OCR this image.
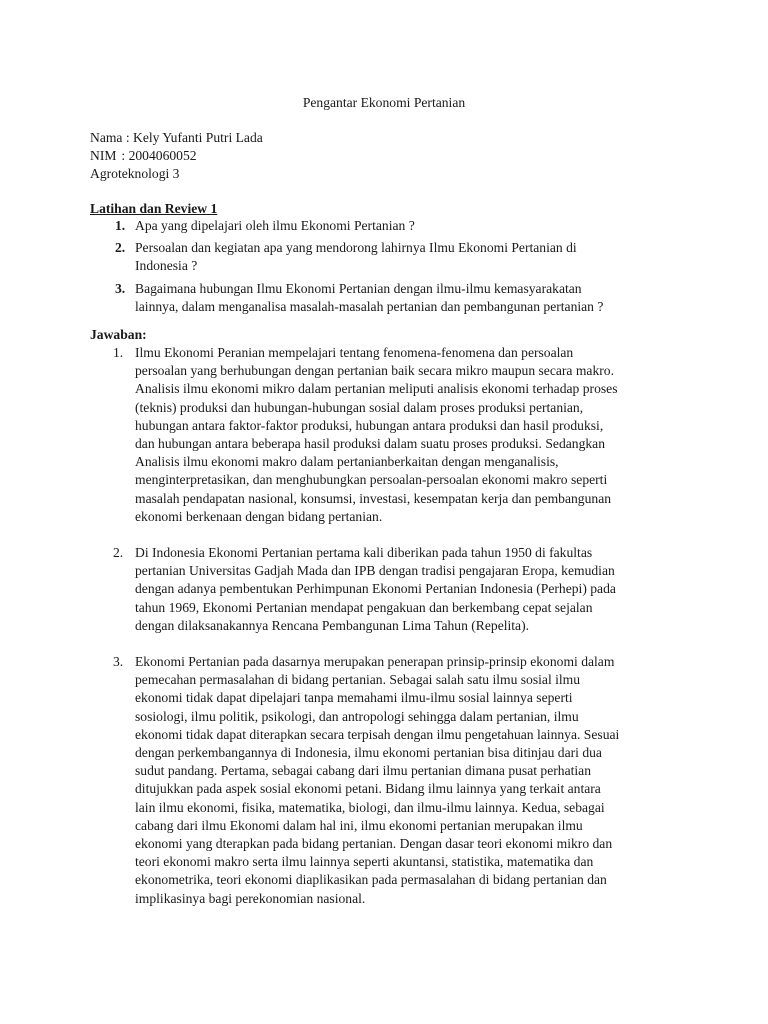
Pengantar Ekonomi Pertanian
Nama : Kely Yufanti Putri Lada
NIM : 2004060052
Agroteknologi 3
Latihan dan Review 1
1. Apa yang dipelajari oleh ilmu Ekonomi Pertanian ?
2. Persoalan dan kegiatan apa yang mendorong lahirnya Ilmu Ekonomi Pertanian di
Indonesia ?
3. Bagaimana hubungan Ilmu Ekonomi Pertanian dengan ilmu-ilmu kemasyarakatan
lainnya, dalam menganalisa masalah-masalah pertanian dan pembangunan pertanian ?
Jawaban:
1. Ilmu Ekonomi Peranian mempelajari tentang fenomena-fenomena dan persoalan
persoalan yang berhubungan dengan pertanian baik secara mikro maupun secara makro.
Analisis ilmu ekonomi mikro dalam pertanian meliputi analisis ekonomi terhadap proses
(teknis) produksi dan hubungan-hubungan sosial dalam proses produksi pertanian,
hubungan antara faktor-faktor produksi, hubungan antara produksi dan hasil produksi,
dan hubungan antara beberapa hasil produksi dalam suatu proses produksi. Sedangkan
Analisis ilmu ekonomi makro dalam pertanianberkaitan dengan menganalisis,
menginterpretasikan, dan menghubungkan persoalan-persoalan ekonomi makro seperti
masalah pendapatan nasional, konsumsi, investasi, kesempatan kerja dan pembangunan
ekonomi berkenaan dengan bidang pertanian.
2. Di Indonesia Ekonomi Pertanian pertama kali diberikan pada tahun 1950 di fakultas
pertanian Universitas Gadjah Mada dan IPB dengan tradisi pengajaran Eropa, kemudian
dengan adanya pembentukan Perhimpunan Ekonomi Pertanian Indonesia (Perhepi) pada
tahun 1969, Ekonomi Pertanian mendapat pengakuan dan berkembang cepat sejalan
dengan dilaksanakannya Rencana Pembangunan Lima Tahun (Repelita).
3. Ekonomi Pertanian pada dasarnya merupakan penerapan prinsip-prinsip ekonomi dalam
pemecahan permasalahan di bidang pertanian. Sebagai salah satu ilmu sosial ilmu
ekonomi tidak dapat dipelajari tanpa memahami ilmu-ilmu sosial lainnya seperti
sosiologi, ilmu politik, psikologi, dan antropologi sehingga dalam pertanian, ilmu
ekonomi tidak dapat diterapkan secara terpisah dengan ilmu pengetahuan lainnya. Sesuai
dengan perkembangannya di Indonesia, ilmu ekonomi pertanian bisa ditinjau dari dua
sudut pandang. Pertama, sebagai cabang dari ilmu pertanian dimana pusat perhatian
ditujukkan pada aspek sosial ekonomi petani. Bidang ilmu lainnya yang terkait antara
lain ilmu ekonomi, fisika, matematika, biologi, dan ilmu-ilmu lainnya. Kedua, sebagai
cabang dari ilmu Ekonomi dalam hal ini, ilmu ekonomi pertanian merupakan ilmu
ekonomi yang dterapkan pada bidang pertanian. Dengan dasar teori ekonomi mikro dan
teori ekonomi makro serta ilmu lainnya seperti akuntansi, statistika, matematika dan
ekonometrika, teori ekonomi diaplikasikan pada permasalahan di bidang pertanian dan
implikasinya bagi perekonomian nasional.
